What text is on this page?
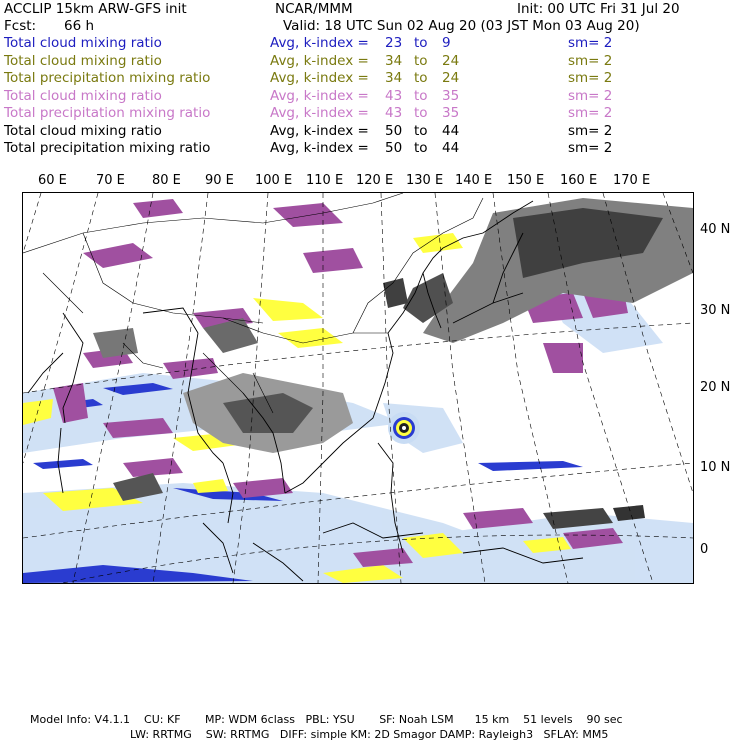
ACCLIP 15km ARW-GFS init	NCAR/MMM	Init: 00 UTC Fri 31 Jul 20
Fcst: 66 h	Valid: 18 UTC Sun 02 Aug 20 (03 JST Mon 03 Aug 20)
Total cloud mixing ratio	Avg, k-index = 23 to 9	sm= 2
Total cloud mixing ratio	Avg, k-index = 34 to 24	sm= 2
Total precipitation mixing ratio	Avg, k-index = 34 to 24	sm= 2
Total cloud mixing ratio	Avg, k-index = 43 to 35	sm= 2
Total precipitation mixing ratio	Avg, k-index = 43 to 35	sm= 2
Total cloud mixing ratio	Avg, k-index = 50 to 44	sm= 2
Total precipitation mixing ratio	Avg, k-index = 50 to 44	sm= 2
60 E 70 E 80 E 90 E 100 E 110 E 120 E 130 E 140 E 150 E 160 E 170 E
40 N
30 N
20 N
10 N
0
Model Info: V4.1.1    CU: KF       MP: WDM 6class   PBL: YSU       SF: Noah LSM      15 km    51 levels    90 sec
LW: RRTMG    SW: RRTMG   DIFF: simple KM: 2D Smagor DAMP: Rayleigh3   SFLAY: MM5
